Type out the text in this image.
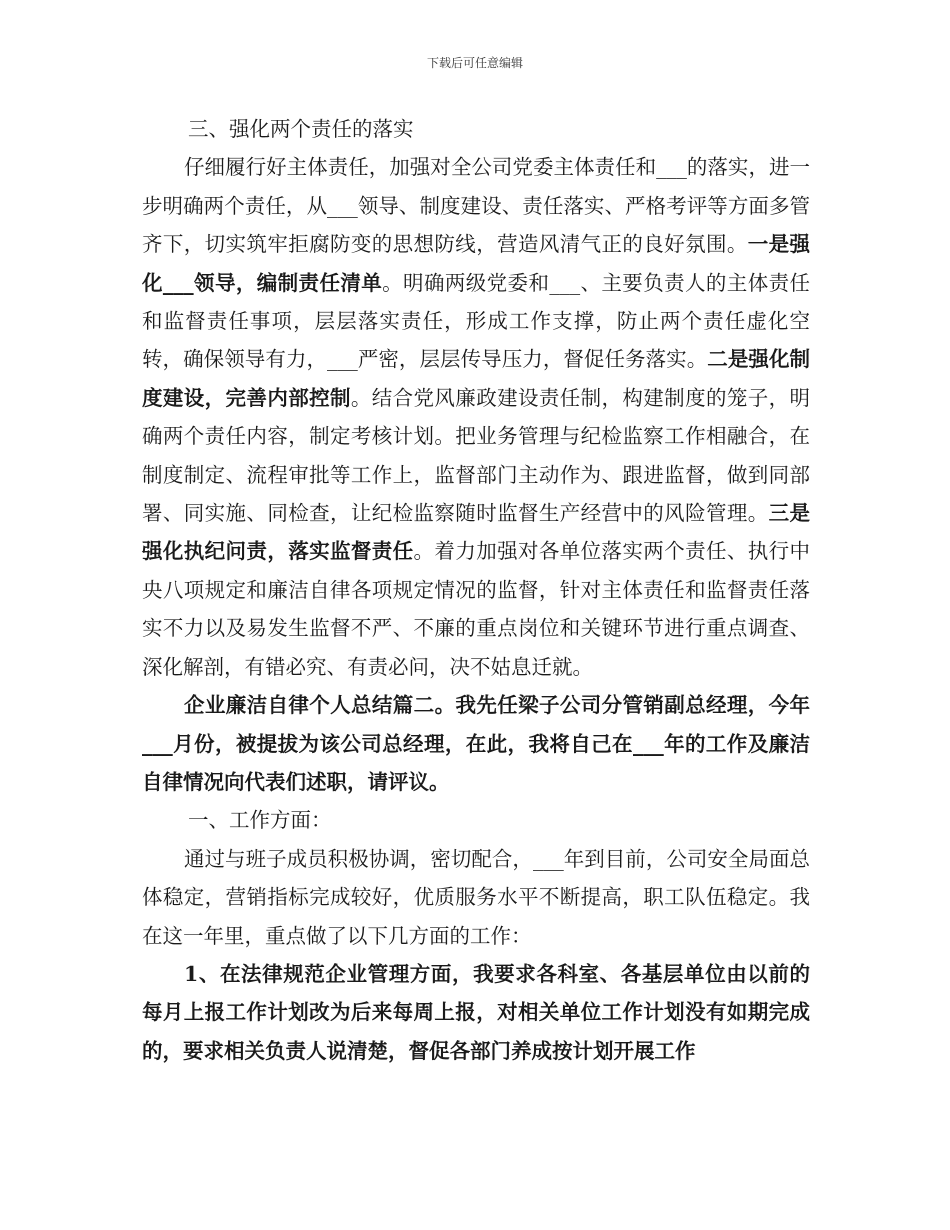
下载后可任意编辑

三、强化两个责任的落实

仔细履行好主体责任，加强对全公司党委主体责任和___的落实，进一步明确两个责任，从___领导、制度建设、责任落实、严格考评等方面多管齐下，切实筑牢拒腐防变的思想防线，营造风清气正的良好氛围。一是强化___领导，编制责任清单。明确两级党委和___、主要负责人的主体责任和监督责任事项，层层落实责任，形成工作支撑，防止两个责任虚化空转，确保领导有力，___严密，层层传导压力，督促任务落实。二是强化制度建设，完善内部控制。结合党风廉政建设责任制，构建制度的笼子，明确两个责任内容，制定考核计划。把业务管理与纪检监察工作相融合，在制度制定、流程审批等工作上，监督部门主动作为、跟进监督，做到同部署、同实施、同检查，让纪检监察随时监督生产经营中的风险管理。三是强化执纪问责，落实监督责任。着力加强对各单位落实两个责任、执行中央八项规定和廉洁自律各项规定情况的监督，针对主体责任和监督责任落实不力以及易发生监督不严、不廉的重点岗位和关键环节进行重点调查、深化解剖，有错必究、有责必问，决不姑息迁就。

企业廉洁自律个人总结篇二。我先任梁子公司分管销副总经理，今年___月份，被提拔为该公司总经理，在此，我将自己在___年的工作及廉洁自律情况向代表们述职，请评议。

一、工作方面：

通过与班子成员积极协调，密切配合，___年到目前，公司安全局面总体稳定，营销指标完成较好，优质服务水平不断提高，职工队伍稳定。我在这一年里，重点做了以下几方面的工作：

1、在法律规范企业管理方面，我要求各科室、各基层单位由以前的每月上报工作计划改为后来每周上报，对相关单位工作计划没有如期完成的，要求相关负责人说清楚，督促各部门养成按计划开展工作
